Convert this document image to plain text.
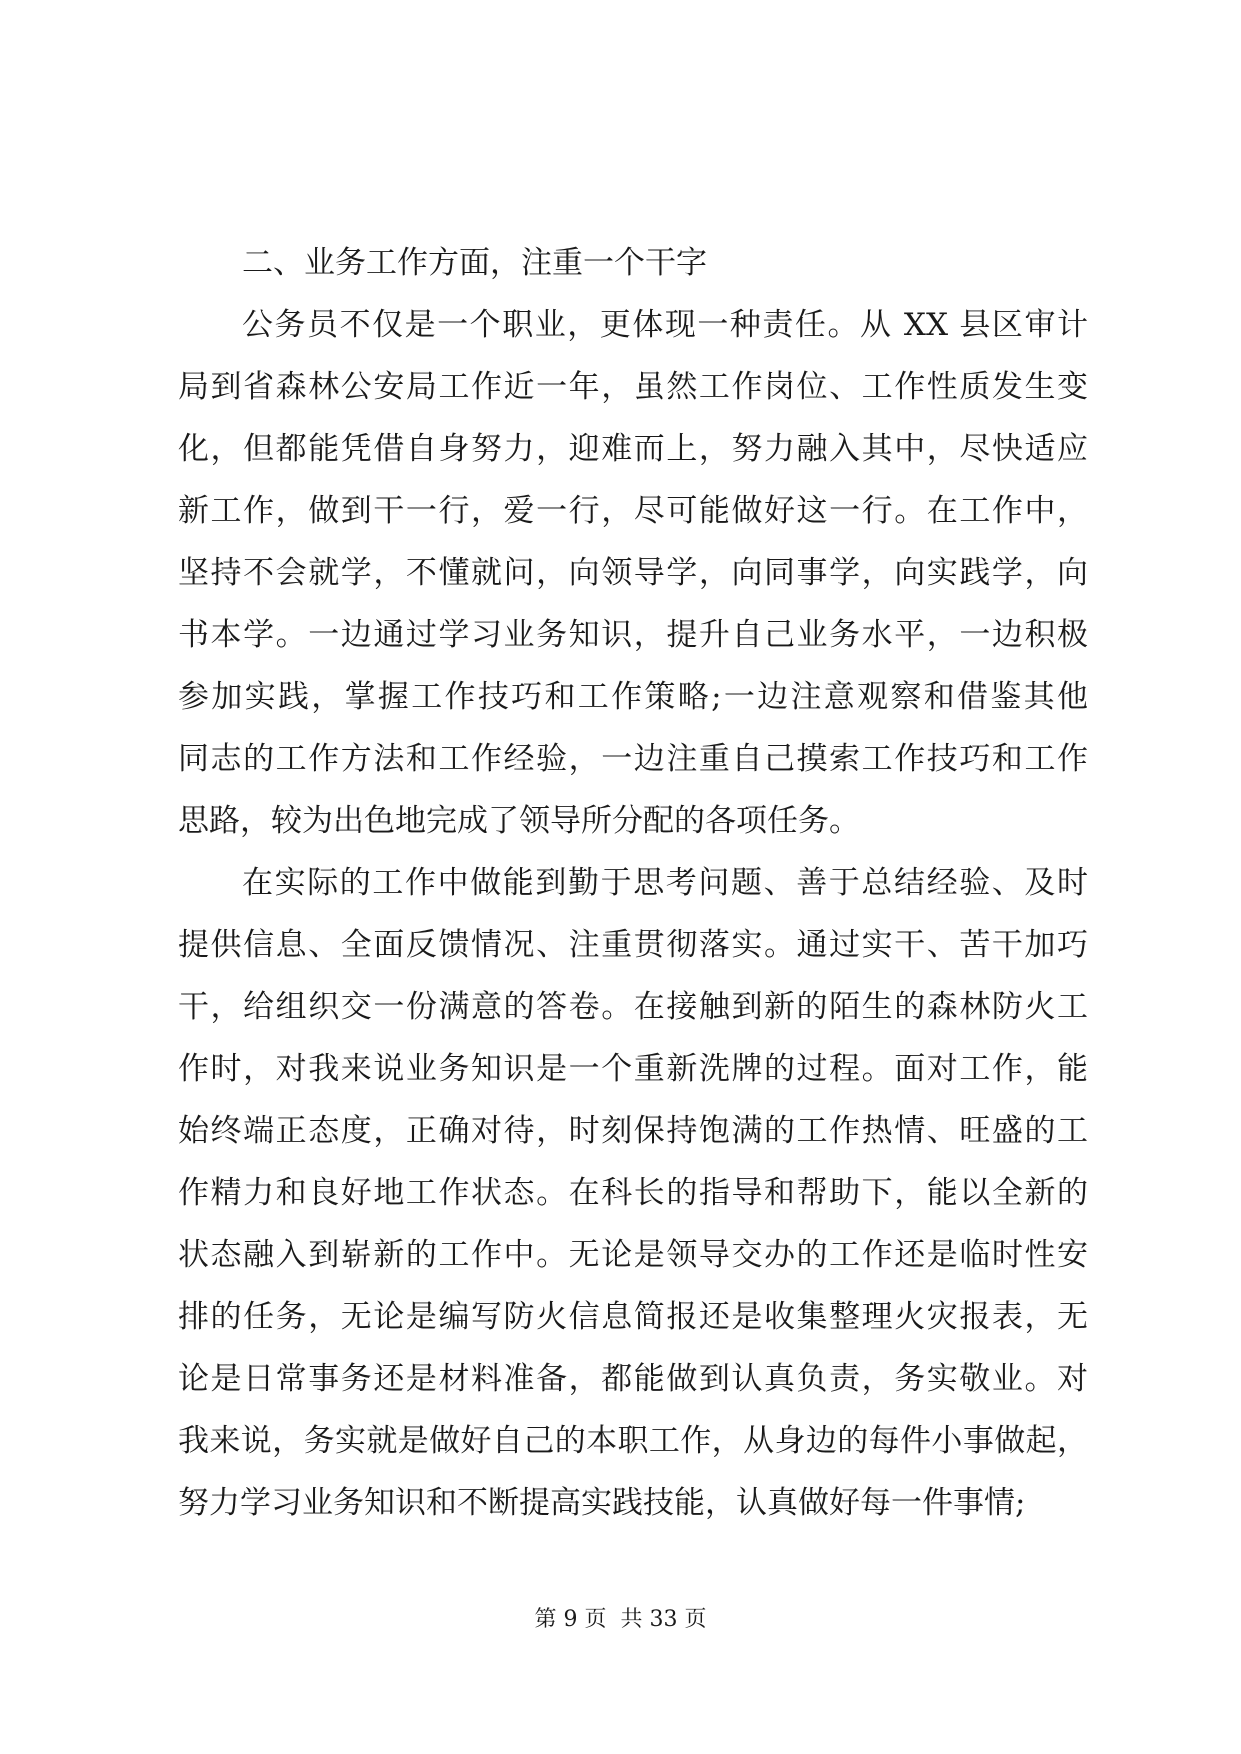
二、业务工作方面，注重一个干字

公务员不仅是一个职业，更体现一种责任。从 XX 县区审计
局到省森林公安局工作近一年，虽然工作岗位、工作性质发生变
化，但都能凭借自身努力，迎难而上，努力融入其中，尽快适应
新工作，做到干一行，爱一行，尽可能做好这一行。在工作中，
坚持不会就学，不懂就问，向领导学，向同事学，向实践学，向
书本学。一边通过学习业务知识，提升自己业务水平，一边积极
参加实践，掌握工作技巧和工作策略;一边注意观察和借鉴其他
同志的工作方法和工作经验，一边注重自己摸索工作技巧和工作
思路，较为出色地完成了领导所分配的各项任务。
在实际的工作中做能到勤于思考问题、善于总结经验、及时
提供信息、全面反馈情况、注重贯彻落实。通过实干、苦干加巧
干，给组织交一份满意的答卷。在接触到新的陌生的森林防火工
作时，对我来说业务知识是一个重新洗牌的过程。面对工作，能
始终端正态度，正确对待，时刻保持饱满的工作热情、旺盛的工
作精力和良好地工作状态。在科长的指导和帮助下，能以全新的
状态融入到崭新的工作中。无论是领导交办的工作还是临时性安
排的任务，无论是编写防火信息简报还是收集整理火灾报表，无
论是日常事务还是材料准备，都能做到认真负责，务实敬业。对
我来说，务实就是做好自己的本职工作，从身边的每件小事做起，
努力学习业务知识和不断提高实践技能，认真做好每一件事情;
第 9 页  共 33 页
